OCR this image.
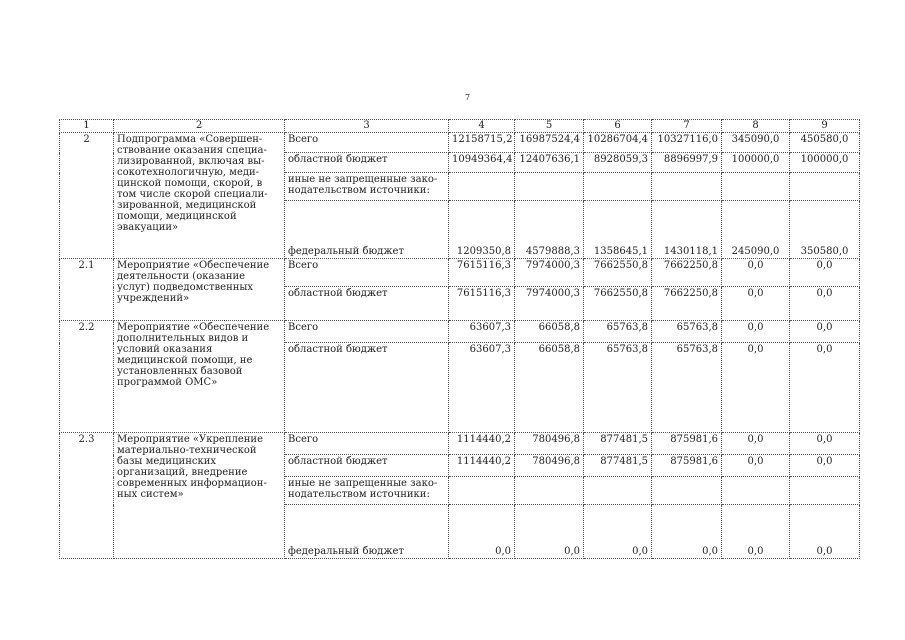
7
1	2	3	4	5	6	7	8	9
2	Подпрограмма «Совершен-ствование оказания специа-лизированной, включая вы-сокотехнологичную, меди-цинской помощи, скорой, в том числе скорой специали-зированной, медицинской помощи, медицинской эвакуации»	Всего	12158715,2	16987524,4	10286704,4	10327116,0	345090,0	450580,0
		областной бюджет	10949364,4	12407636,1	8928059,3	8896997,9	100000,0	100000,0
		иные не запрещенные зако-нодательством источники:						
		федеральный бюджет	1209350,8	4579888,3	1358645,1	1430118,1	245090,0	350580,0
2.1	Мероприятие «Обеспечение деятельности (оказание услуг) подведомственных учреждений»	Всего	7615116,3	7974000,3	7662550,8	7662250,8	0,0	0,0
		областной бюджет	7615116,3	7974000,3	7662550,8	7662250,8	0,0	0,0
2.2	Мероприятие «Обеспечение дополнительных видов и условий оказания медицинской помощи, не установленных базовой программой ОМС»	Всего	63607,3	66058,8	65763,8	65763,8	0,0	0,0
		областной бюджет	63607,3	66058,8	65763,8	65763,8	0,0	0,0
2.3	Мероприятие «Укрепление материально-технической базы медицинских организаций, внедрение современных информацион-ных систем»	Всего	1114440,2	780496,8	877481,5	875981,6	0,0	0,0
		областной бюджет	1114440,2	780496,8	877481,5	875981,6	0,0	0,0
		иные не запрещенные зако-нодательством источники:						
		федеральный бюджет	0,0	0,0	0,0	0,0	0,0	0,0
